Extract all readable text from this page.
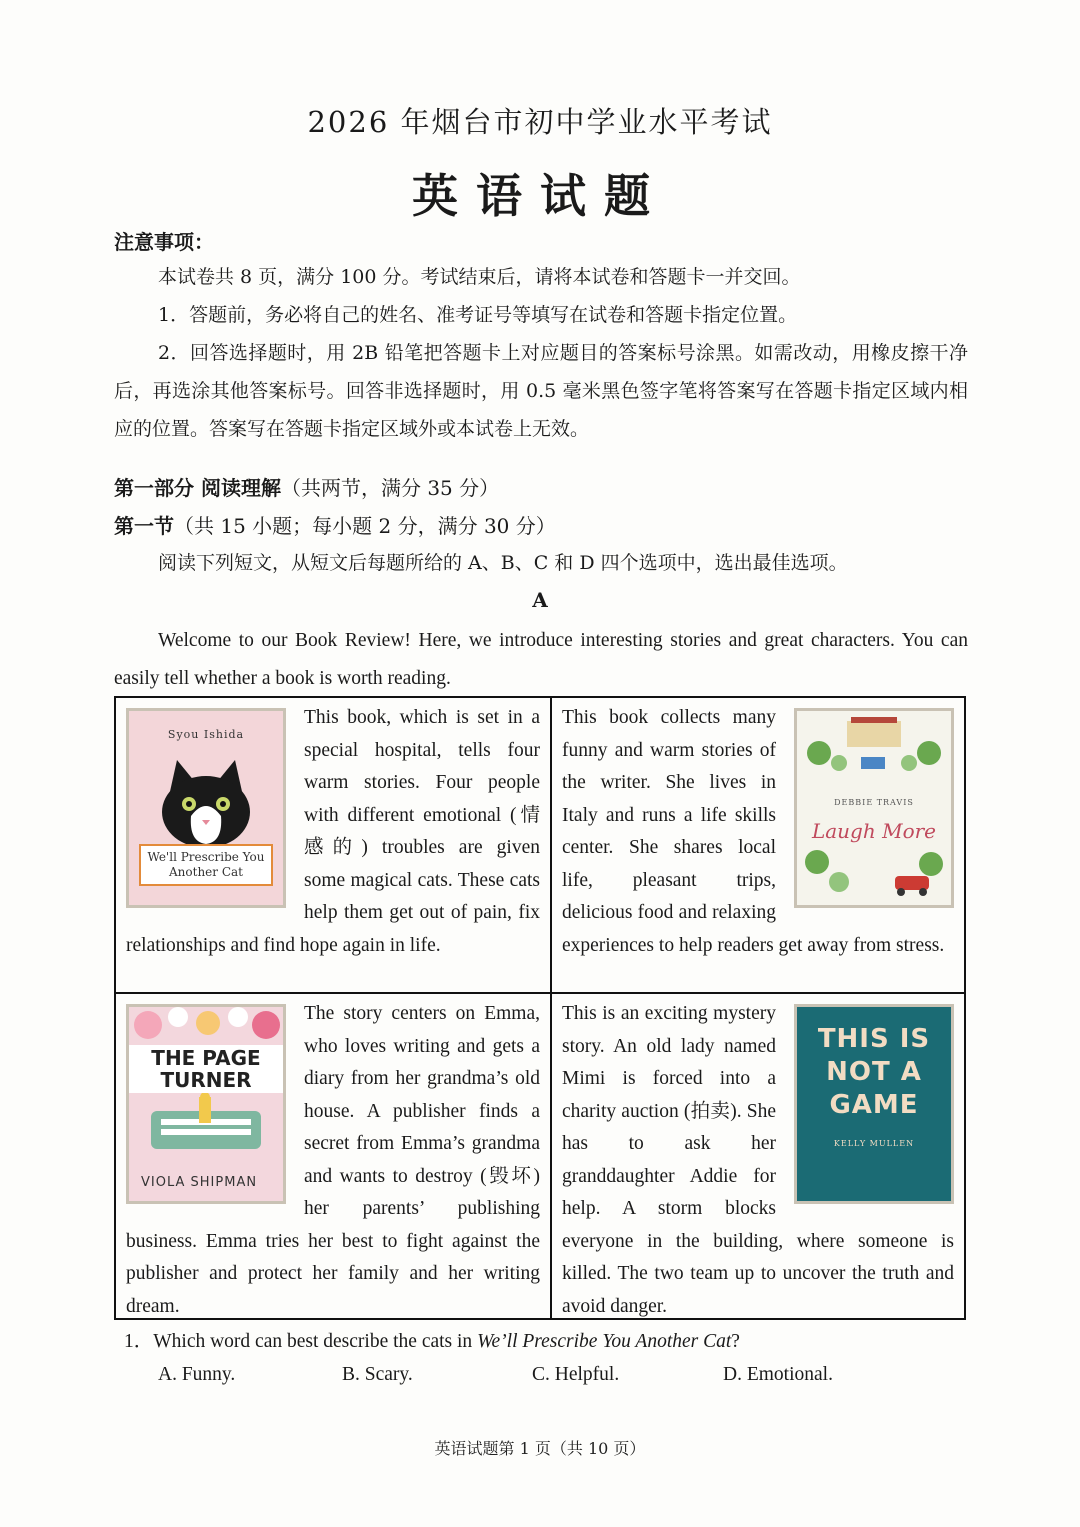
2026 年烟台市初中学业水平考试
英语试题
注意事项：
本试卷共 8 页，满分 100 分。考试结束后，请将本试卷和答题卡一并交回。
1．答题前，务必将自己的姓名、准考证号等填写在试卷和答题卡指定位置。
2．回答选择题时，用 2B 铅笔把答题卡上对应题目的答案标号涂黑。如需改动，用橡皮擦干净后，再选涂其他答案标号。回答非选择题时，用 0.5 毫米黑色签字笔将答案写在答题卡指定区域内相应的位置。答案写在答题卡指定区域外或本试卷上无效。
第一部分 阅读理解（共两节，满分 35 分）
第一节（共 15 小题；每小题 2 分，满分 30 分）
阅读下列短文，从短文后每题所给的 A、B、C 和 D 四个选项中，选出最佳选项。
A
Welcome to our Book Review! Here, we introduce interesting stories and great characters. You can easily tell whether a book is worth reading.
Syou Ishida
We'll Prescribe You Another Cat
This book, which is set in a special hospital, tells four warm stories. Four people with different emotional (情感的) troubles are given some magical cats. These cats help them get out of pain, fix relationships and find hope again in life.
DEBBIE TRAVIS
Laugh More
This book collects many funny and warm stories of the writer. She lives in Italy and runs a life skills center. She shares local life, pleasant trips, delicious food and relaxing experiences to help readers get away from stress.
THE PAGE TURNER
VIOLA SHIPMAN
The story centers on Emma, who loves writing and gets a diary from her grandma’s old house. A publisher finds a secret from Emma’s grandma and wants to destroy (毁坏) her parents’ publishing business. Emma tries her best to fight against the publisher and protect her family and her writing dream.
THIS IS NOT A GAME
KELLY MULLEN
This is an exciting mystery story. An old lady named Mimi is forced into a charity auction (拍卖). She has to ask her granddaughter Addie for help. A storm blocks everyone in the building, where someone is killed. The two team up to uncover the truth and avoid danger.
1．Which word can best describe the cats in We’ll Prescribe You Another Cat?
A. Funny.	B. Scary.	C. Helpful.	D. Emotional.
英语试题第 1 页（共 10 页）
